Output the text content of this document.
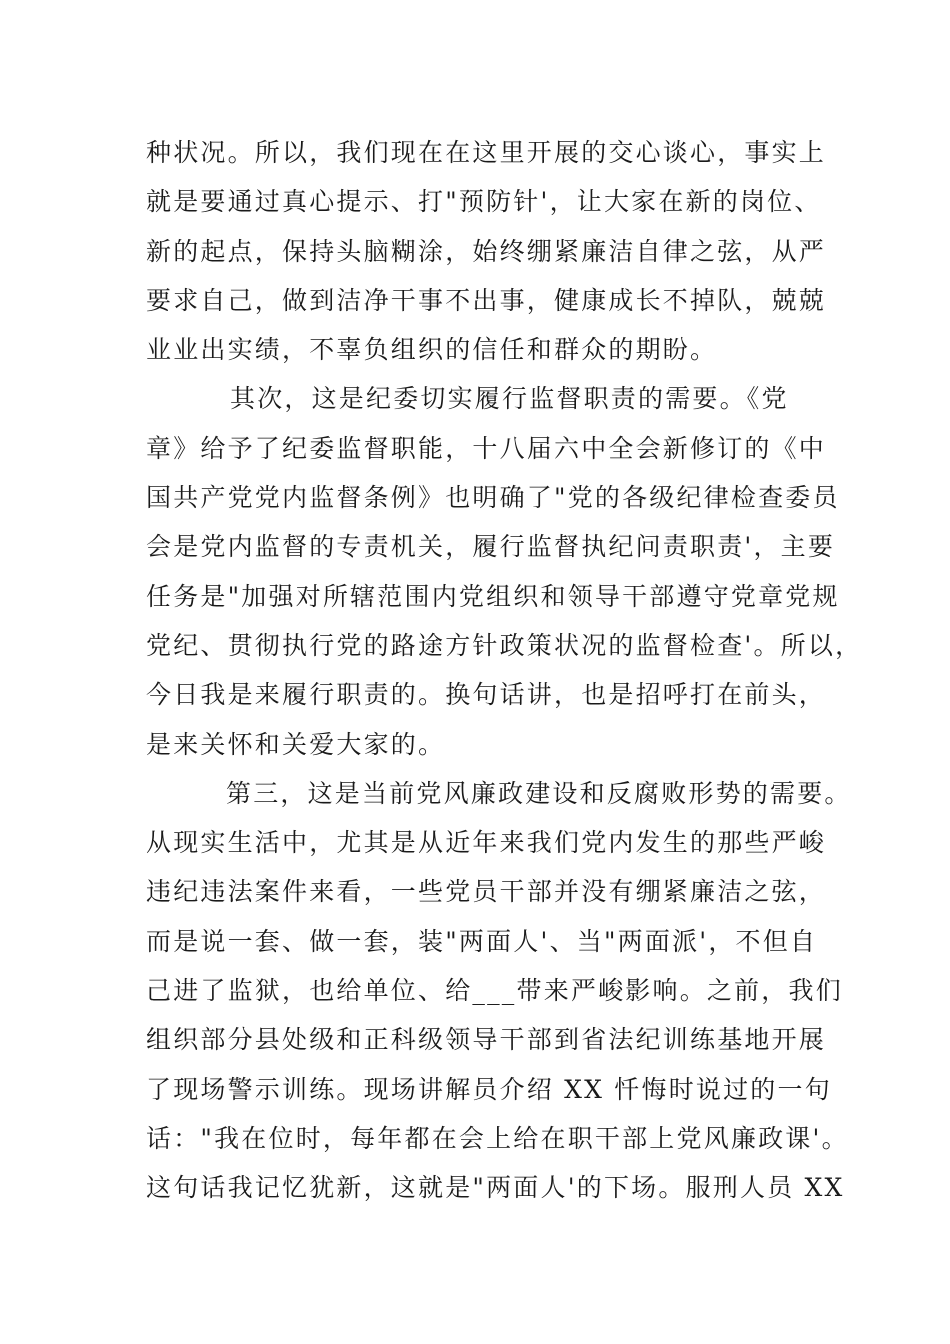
种状况。所以，我们现在在这里开展的交心谈心，事实上
就是要通过真心提示、打"预防针'，让大家在新的岗位、
新的起点，保持头脑糊涂，始终绷紧廉洁自律之弦，从严
要求自己，做到洁净干事不出事，健康成长不掉队，兢兢
业业出实绩，不辜负组织的信任和群众的期盼。
其次，这是纪委切实履行监督职责的需要。《党
章》给予了纪委监督职能，十八届六中全会新修订的《中
国共产党党内监督条例》也明确了"党的各级纪律检查委员
会是党内监督的专责机关，履行监督执纪问责职责'，主要
任务是"加强对所辖范围内党组织和领导干部遵守党章党规
党纪、贯彻执行党的路途方针政策状况的监督检查'。所以，
今日我是来履行职责的。换句话讲，也是招呼打在前头，
是来关怀和关爱大家的。
第三，这是当前党风廉政建设和反腐败形势的需要。
从现实生活中，尤其是从近年来我们党内发生的那些严峻
违纪违法案件来看，一些党员干部并没有绷紧廉洁之弦，
而是说一套、做一套，装"两面人'、当"两面派'，不但自
己进了监狱，也给单位、给___带来严峻影响。之前，我们
组织部分县处级和正科级领导干部到省法纪训练基地开展
了现场警示训练。现场讲解员介绍 XX 忏悔时说过的一句
话："我在位时，每年都在会上给在职干部上党风廉政课'。
这句话我记忆犹新，这就是"两面人'的下场。服刑人员 XX
